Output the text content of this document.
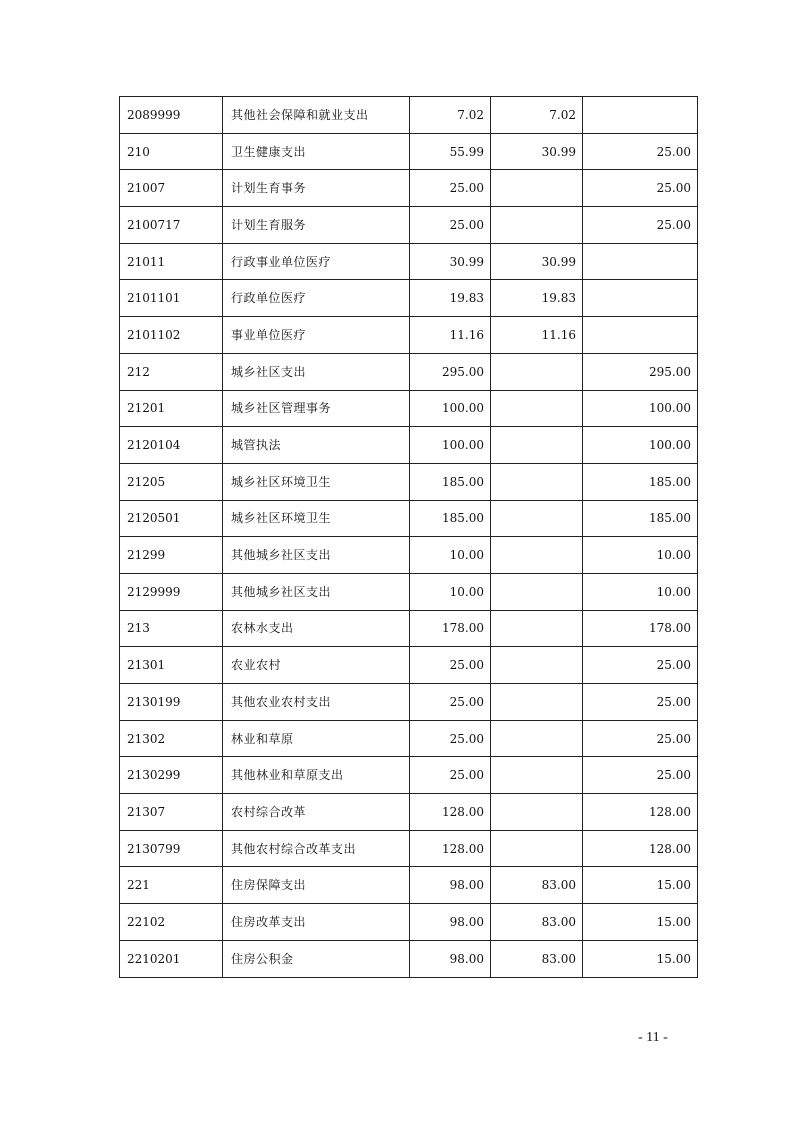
2089999	其他社会保障和就业支出	7.02	7.02	
210	卫生健康支出	55.99	30.99	25.00
21007	计划生育事务	25.00		25.00
2100717	计划生育服务	25.00		25.00
21011	行政事业单位医疗	30.99	30.99	
2101101	行政单位医疗	19.83	19.83	
2101102	事业单位医疗	11.16	11.16	
212	城乡社区支出	295.00		295.00
21201	城乡社区管理事务	100.00		100.00
2120104	城管执法	100.00		100.00
21205	城乡社区环境卫生	185.00		185.00
2120501	城乡社区环境卫生	185.00		185.00
21299	其他城乡社区支出	10.00		10.00
2129999	其他城乡社区支出	10.00		10.00
213	农林水支出	178.00		178.00
21301	农业农村	25.00		25.00
2130199	其他农业农村支出	25.00		25.00
21302	林业和草原	25.00		25.00
2130299	其他林业和草原支出	25.00		25.00
21307	农村综合改革	128.00		128.00
2130799	其他农村综合改革支出	128.00		128.00
221	住房保障支出	98.00	83.00	15.00
22102	住房改革支出	98.00	83.00	15.00
2210201	住房公积金	98.00	83.00	15.00
- 11 -
